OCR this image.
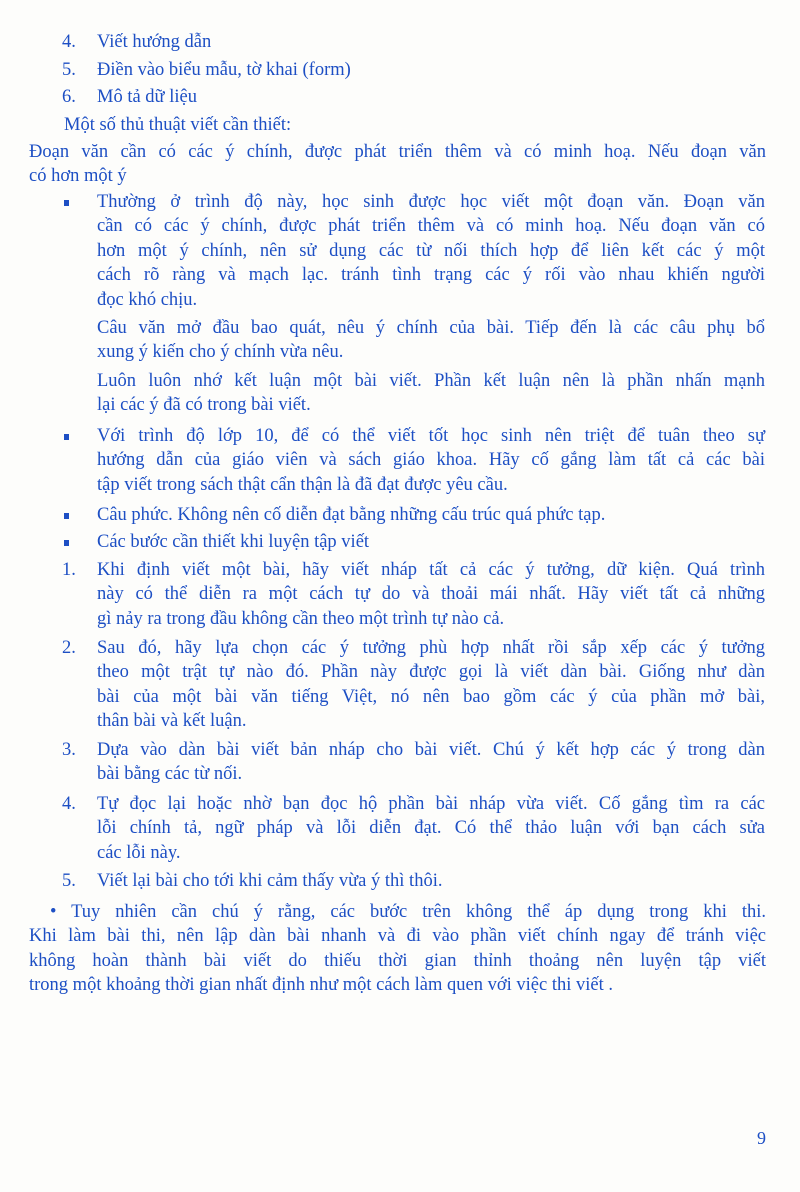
4. Viết hướng dẫn
5. Điền vào biểu mẫu, tờ khai (form)
6. Mô tả dữ liệu
Một số thủ thuật viết cần thiết:
Đoạn văn cần có các ý chính, được phát triển thêm và có minh hoạ. Nếu đoạn văn
có hơn một ý
Thường ở trình độ này, học sinh được học viết một đoạn văn. Đoạn văn
cần có các ý chính, được phát triển thêm và có minh hoạ. Nếu đoạn văn có
hơn một ý chính, nên sử dụng các từ nối thích hợp để liên kết các ý một
cách rõ ràng và mạch lạc. tránh tình trạng các ý rối vào nhau khiến người
đọc khó chịu.
Câu văn mở đầu bao quát, nêu ý chính của bài. Tiếp đến là các câu phụ bổ
xung ý kiến cho ý chính vừa nêu.
Luôn luôn nhớ kết luận một bài viết. Phần kết luận nên là phần nhấn mạnh
lại các ý đã có trong bài viết.
Với trình độ lớp 10, để có thể viết tốt học sinh nên triệt để tuân theo sự
hướng dẫn của giáo viên và sách giáo khoa. Hãy cố gắng làm tất cả các bài
tập viết trong sách thật cẩn thận là đã đạt được yêu cầu.
Câu phức. Không nên cố diễn đạt bằng những cấu trúc quá phức tạp.
Các bước cần thiết khi luyện tập viết
1. Khi định viết một bài, hãy viết nháp tất cả các ý tưởng, dữ kiện. Quá trình
này có thể diễn ra một cách tự do và thoải mái nhất. Hãy viết tất cả những
gì nảy ra trong đầu không cần theo một trình tự nào cả.
2. Sau đó, hãy lựa chọn các ý tưởng phù hợp nhất rồi sắp xếp các ý tưởng
theo một trật tự nào đó. Phần này được gọi là viết dàn bài. Giống như dàn
bài của một bài văn tiếng Việt, nó nên bao gồm các ý của phần mở bài,
thân bài và kết luận.
3. Dựa vào dàn bài viết bản nháp cho bài viết. Chú ý kết hợp các ý trong dàn
bài bằng các từ nối.
4. Tự đọc lại hoặc nhờ bạn đọc hộ phần bài nháp vừa viết. Cố gắng tìm ra các
lỗi chính tả, ngữ pháp và lỗi diễn đạt. Có thể thảo luận với bạn cách sửa
các lỗi này.
5. Viết lại bài cho tới khi cảm thấy vừa ý thì thôi.
• Tuy nhiên cần chú ý rằng, các bước trên không thể áp dụng trong khi thi.
Khi làm bài thi, nên lập dàn bài nhanh và đi vào phần viết chính ngay để tránh việc
không hoàn thành bài viết do thiếu thời gian thỉnh thoảng nên luyện tập viết
trong một khoảng thời gian nhất định như một cách làm quen với việc thi viết .
9
